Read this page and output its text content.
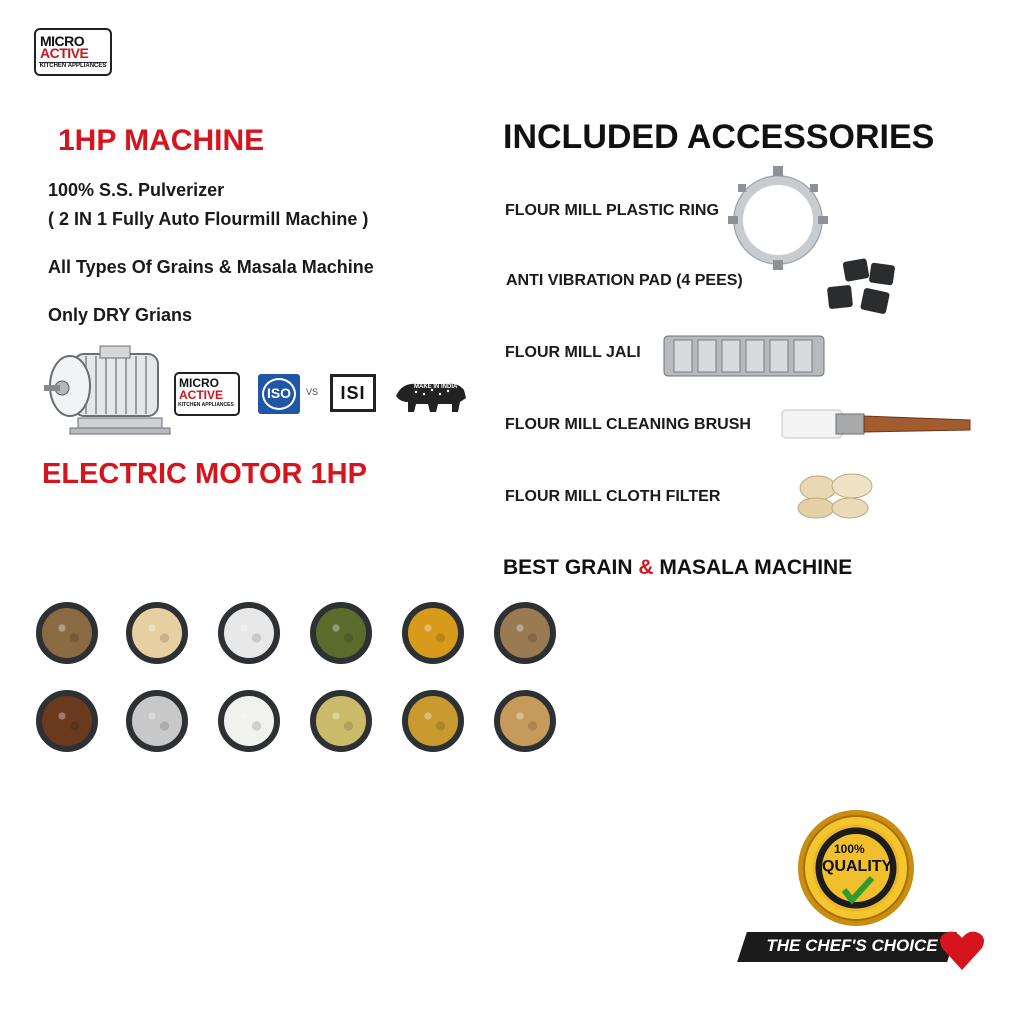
MICRO
ACTIVE
KITCHEN APPLIANCES
1HP MACHINE
100% S.S. Pulverizer
( 2 IN 1 Fully Auto Flourmill Machine )
All Types Of Grains & Masala Machine
Only DRY Grians
MICRO
ACTIVE
KITCHEN APPLIANCES
ISO	VS	ISI	MAKE IN INDIA
ELECTRIC MOTOR 1HP
INCLUDED ACCESSORIES
FLOUR MILL PLASTIC RING
ANTI VIBRATION PAD (4 PEES)
FLOUR MILL JALI
FLOUR MILL CLEANING BRUSH
FLOUR MILL CLOTH FILTER
BEST GRAIN & MASALA MACHINE
100%
QUALITY
THE CHEF'S CHOICE
